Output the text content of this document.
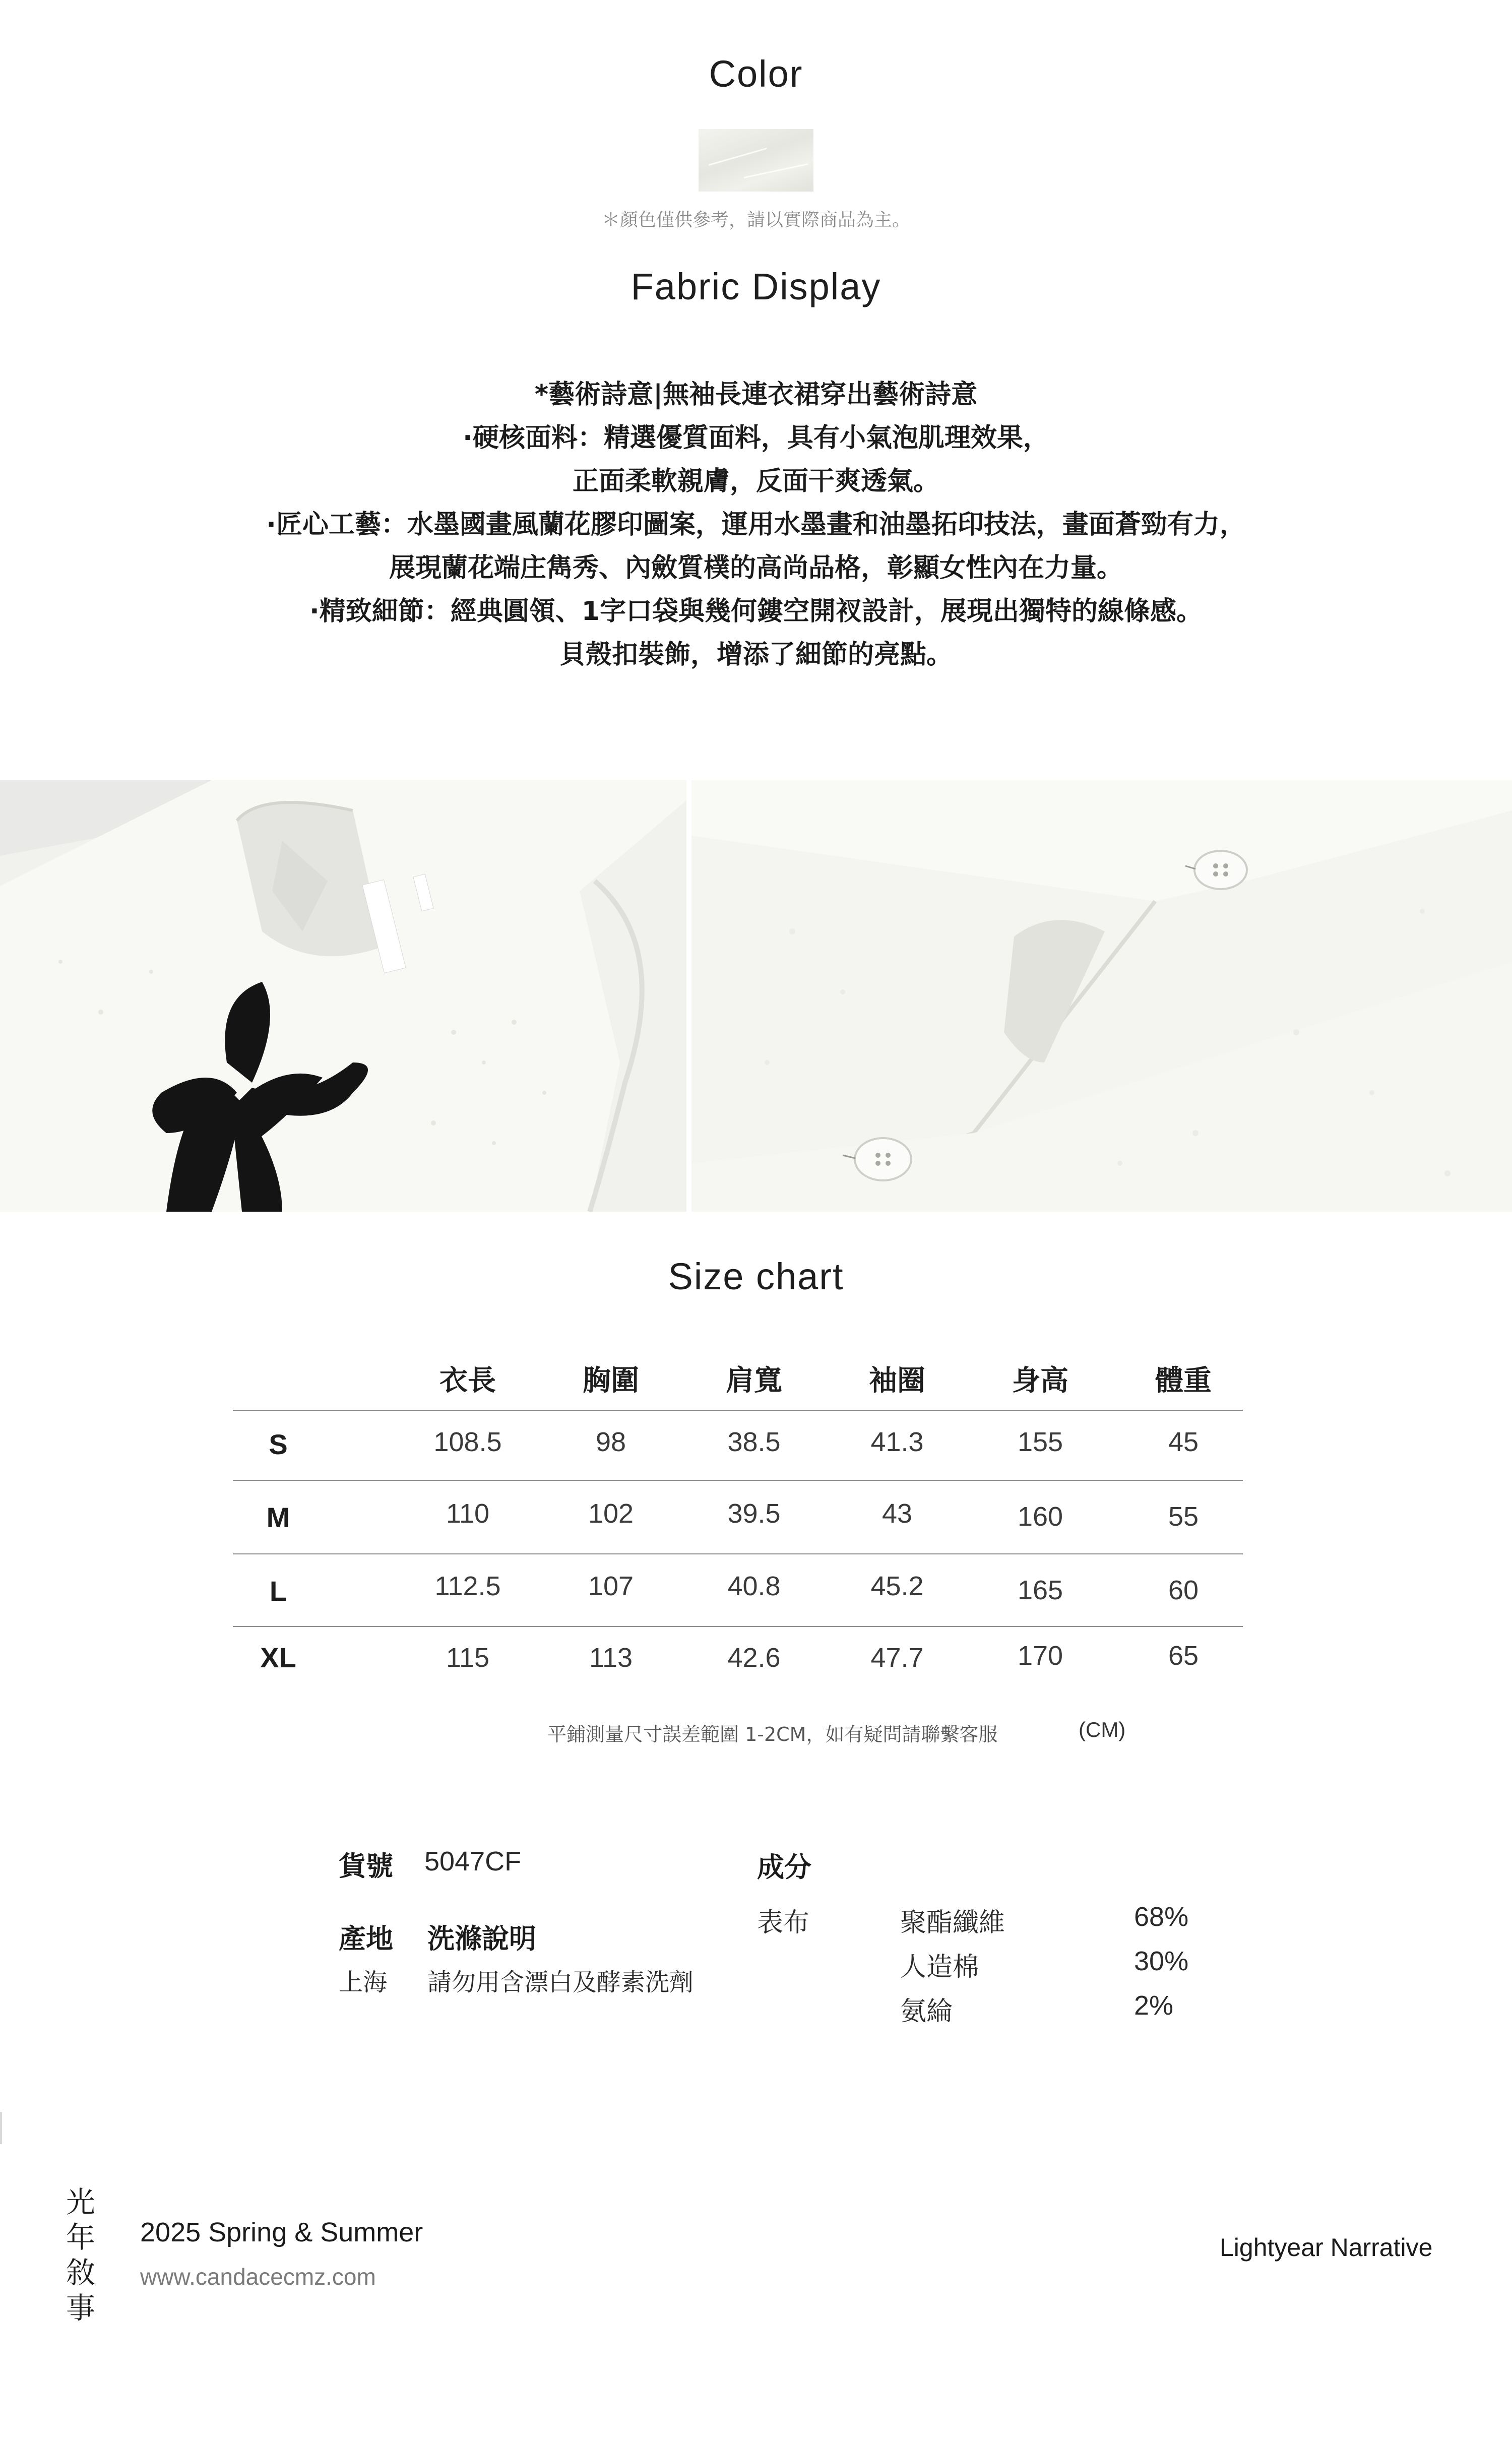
Color
＊顏色僅供參考，請以實際商品為主。
Fabric Display
*藝術詩意|無袖長連衣裙穿出藝術詩意
·硬核面料：精選優質面料，具有小氣泡肌理效果，
正面柔軟親膚，反面干爽透氣。
·匠心工藝：水墨國畫風蘭花膠印圖案，運用水墨畫和油墨拓印技法，畫面蒼勁有力，
展現蘭花端庄雋秀、內斂質樸的高尚品格，彰顯女性內在力量。
·精致細節：經典圓領、1字口袋與幾何鏤空開衩設計，展現出獨特的線條感。
貝殼扣裝飾，增添了細節的亮點。
Size chart
衣長	胸圍	肩寬	袖圈	身高	體重
S	108.5	98	38.5	41.3	155	45
M	110	102	39.5	43	160	55
L	112.5	107	40.8	45.2	165	60
XL	115	113	42.6	47.7	170	65
平鋪測量尺寸誤差範圍 1-2CM，如有疑問請聯繫客服	(CM)
貨號 5047CF
產地
上海
洗滌說明
請勿用含漂白及酵素洗劑
成分
表布	聚酯纖維	68%
人造棉	30%
氨綸	2%
光
年
敘
事
2025 Spring & Summer
www.candacecmz.com
Lightyear Narrative
